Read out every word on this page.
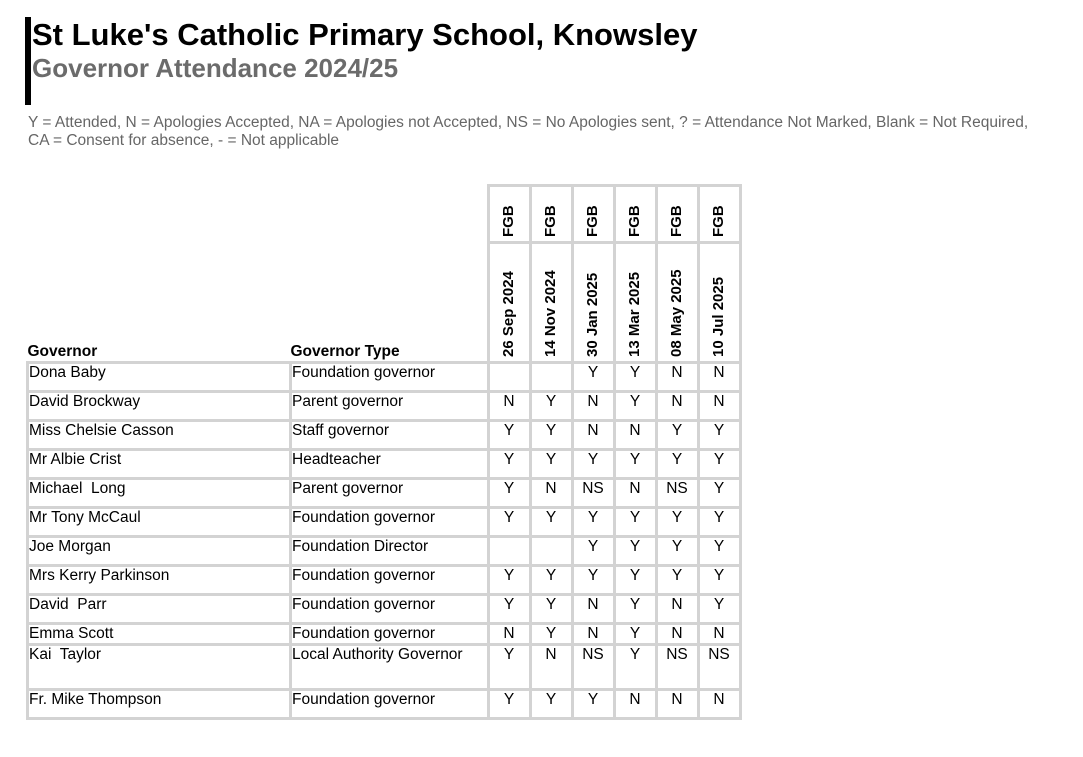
St Luke's Catholic Primary School, Knowsley
Governor Attendance 2024/25
Y = Attended, N = Apologies Accepted, NA = Apologies not Accepted, NS = No Apologies sent, ? = Attendance Not Marked, Blank = Not Required,
CA = Consent for absence, - = Not applicable

		FGB	FGB	FGB	FGB	FGB	FGB

Governor	Governor Type	26 Sep 2024	14 Nov 2024	30 Jan 2025	13 Mar 2025	08 May 2025	10 Jul 2025

Dona Baby	Foundation governor			Y	Y	N	N
David Brockway	Parent governor	N	Y	N	Y	N	N
Miss Chelsie Casson	Staff governor	Y	Y	N	N	Y	Y
Mr Albie Crist	Headteacher	Y	Y	Y	Y	Y	Y
Michael  Long	Parent governor	Y	N	NS	N	NS	Y
Mr Tony McCaul	Foundation governor	Y	Y	Y	Y	Y	Y
Joe Morgan	Foundation Director			Y	Y	Y	Y
Mrs Kerry Parkinson	Foundation governor	Y	Y	Y	Y	Y	Y
David  Parr	Foundation governor	Y	Y	N	Y	N	Y
Emma Scott	Foundation governor	N	Y	N	Y	N	N
Kai  Taylor	Local Authority Governor	Y	N	NS	Y	NS	NS
Fr. Mike Thompson	Foundation governor	Y	Y	Y	N	N	N
